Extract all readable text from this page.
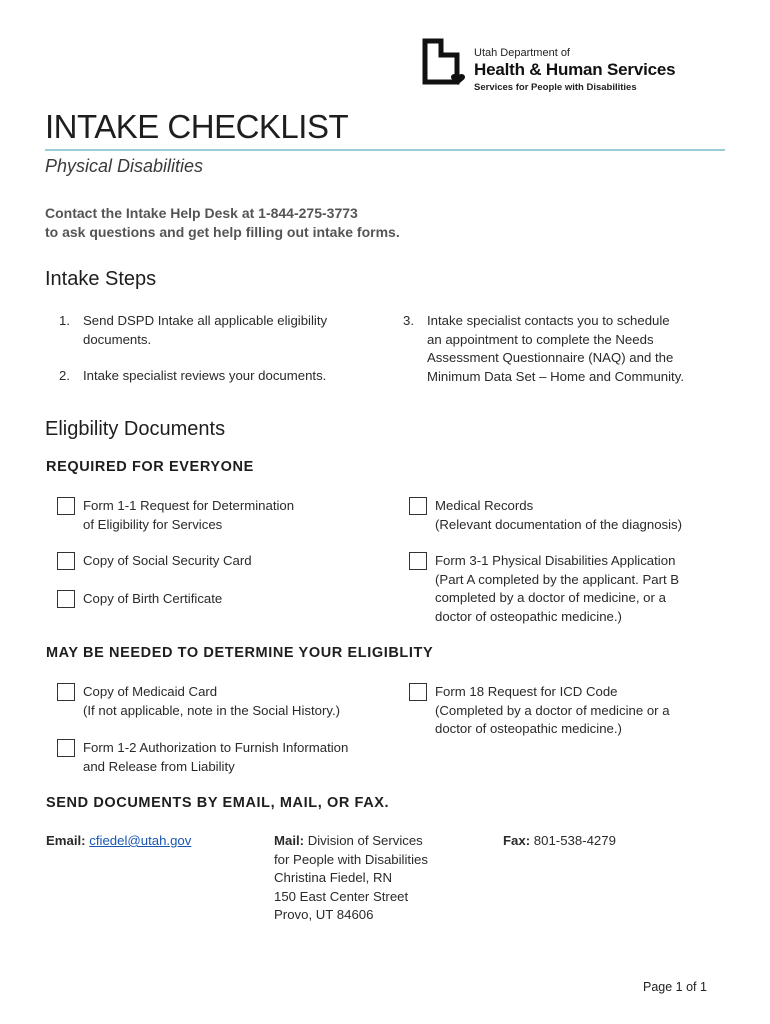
Utah Department of
Health & Human Services
Services for People with Disabilities
INTAKE CHECKLIST
Physical Disabilities
Contact the Intake Help Desk at 1-844-275-3773
to ask questions and get help filling out intake forms.
Intake Steps
1. Send DSPD Intake all applicable eligibility
documents.
2. Intake specialist reviews your documents.
3. Intake specialist contacts you to schedule
an appointment to complete the Needs
Assessment Questionnaire (NAQ) and the
Minimum Data Set – Home and Community.
Eligbility Documents
REQUIRED FOR EVERYONE
Form 1-1 Request for Determination
of Eligibility for Services
Copy of Social Security Card
Copy of Birth Certificate
Medical Records
(Relevant documentation of the diagnosis)
Form 3-1 Physical Disabilities Application
(Part A completed by the applicant. Part B
completed by a doctor of medicine, or a
doctor of osteopathic medicine.)
MAY BE NEEDED TO DETERMINE YOUR ELIGIBLITY
Copy of Medicaid Card
(If not applicable, note in the Social History.)
Form 1-2 Authorization to Furnish Information
and Release from Liability
Form 18 Request for ICD Code
(Completed by a doctor of medicine or a
doctor of osteopathic medicine.)
SEND DOCUMENTS BY EMAIL, MAIL, OR FAX.
Email: cfiedel@utah.gov	Mail: Division of Services
for People with Disabilities
Christina Fiedel, RN
150 East Center Street
Provo, UT 84606
Fax: 801-538-4279
Page 1 of 1
